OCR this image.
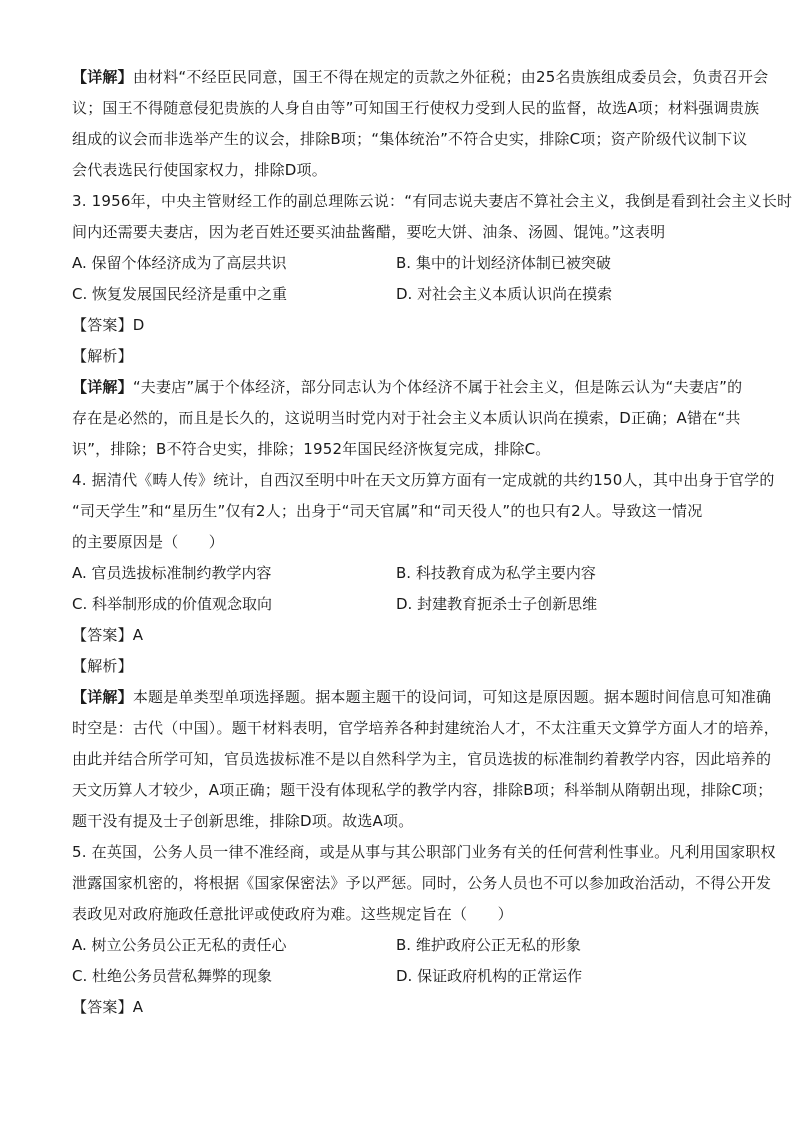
【详解】由材料“不经臣民同意，国王不得在规定的贡款之外征税；由25名贵族组成委员会，负责召开会
议；国王不得随意侵犯贵族的人身自由等”可知国王行使权力受到人民的监督，故选A项；材料强调贵族
组成的议会而非选举产生的议会，排除B项；“集体统治”不符合史实，排除C项；资产阶级代议制下议
会代表选民行使国家权力，排除D项。
3. 1956年，中央主管财经工作的副总理陈云说：“有同志说夫妻店不算社会主义，我倒是看到社会主义长时
间内还需要夫妻店，因为老百姓还要买油盐酱醋，要吃大饼、油条、汤圆、馄饨。”这表明
A. 保留个体经济成为了高层共识	B. 集中的计划经济体制已被突破
C. 恢复发展国民经济是重中之重	D. 对社会主义本质认识尚在摸索
【答案】D
【解析】
【详解】“夫妻店”属于个体经济，部分同志认为个体经济不属于社会主义，但是陈云认为“夫妻店”的
存在是必然的，而且是长久的，这说明当时党内对于社会主义本质认识尚在摸索，D正确；A错在“共
识”，排除；B不符合史实，排除；1952年国民经济恢复完成，排除C。
4. 据清代《畴人传》统计，自西汉至明中叶在天文历算方面有一定成就的共约150人，其中出身于官学的
“司天学生”和“星历生”仅有2人；出身于“司天官属”和“司天役人”的也只有2人。导致这一情况
的主要原因是（　　）
A. 官员选拔标准制约教学内容	B. 科技教育成为私学主要内容
C. 科举制形成的价值观念取向	D. 封建教育扼杀士子创新思维
【答案】A
【解析】
【详解】本题是单类型单项选择题。据本题主题干的设问词，可知这是原因题。据本题时间信息可知准确
时空是：古代（中国）。题干材料表明，官学培养各种封建统治人才，不太注重天文算学方面人才的培养，
由此并结合所学可知，官员选拔标准不是以自然科学为主，官员选拔的标准制约着教学内容，因此培养的
天文历算人才较少，A项正确；题干没有体现私学的教学内容，排除B项；科举制从隋朝出现，排除C项；
题干没有提及士子创新思维，排除D项。故选A项。
5. 在英国，公务人员一律不准经商，或是从事与其公职部门业务有关的任何营利性事业。凡利用国家职权
泄露国家机密的，将根据《国家保密法》予以严惩。同时，公务人员也不可以参加政治活动，不得公开发
表政见对政府施政任意批评或使政府为难。这些规定旨在（　　）
A. 树立公务员公正无私的责任心	B. 维护政府公正无私的形象
C. 杜绝公务员营私舞弊的现象	D. 保证政府机构的正常运作
【答案】A
